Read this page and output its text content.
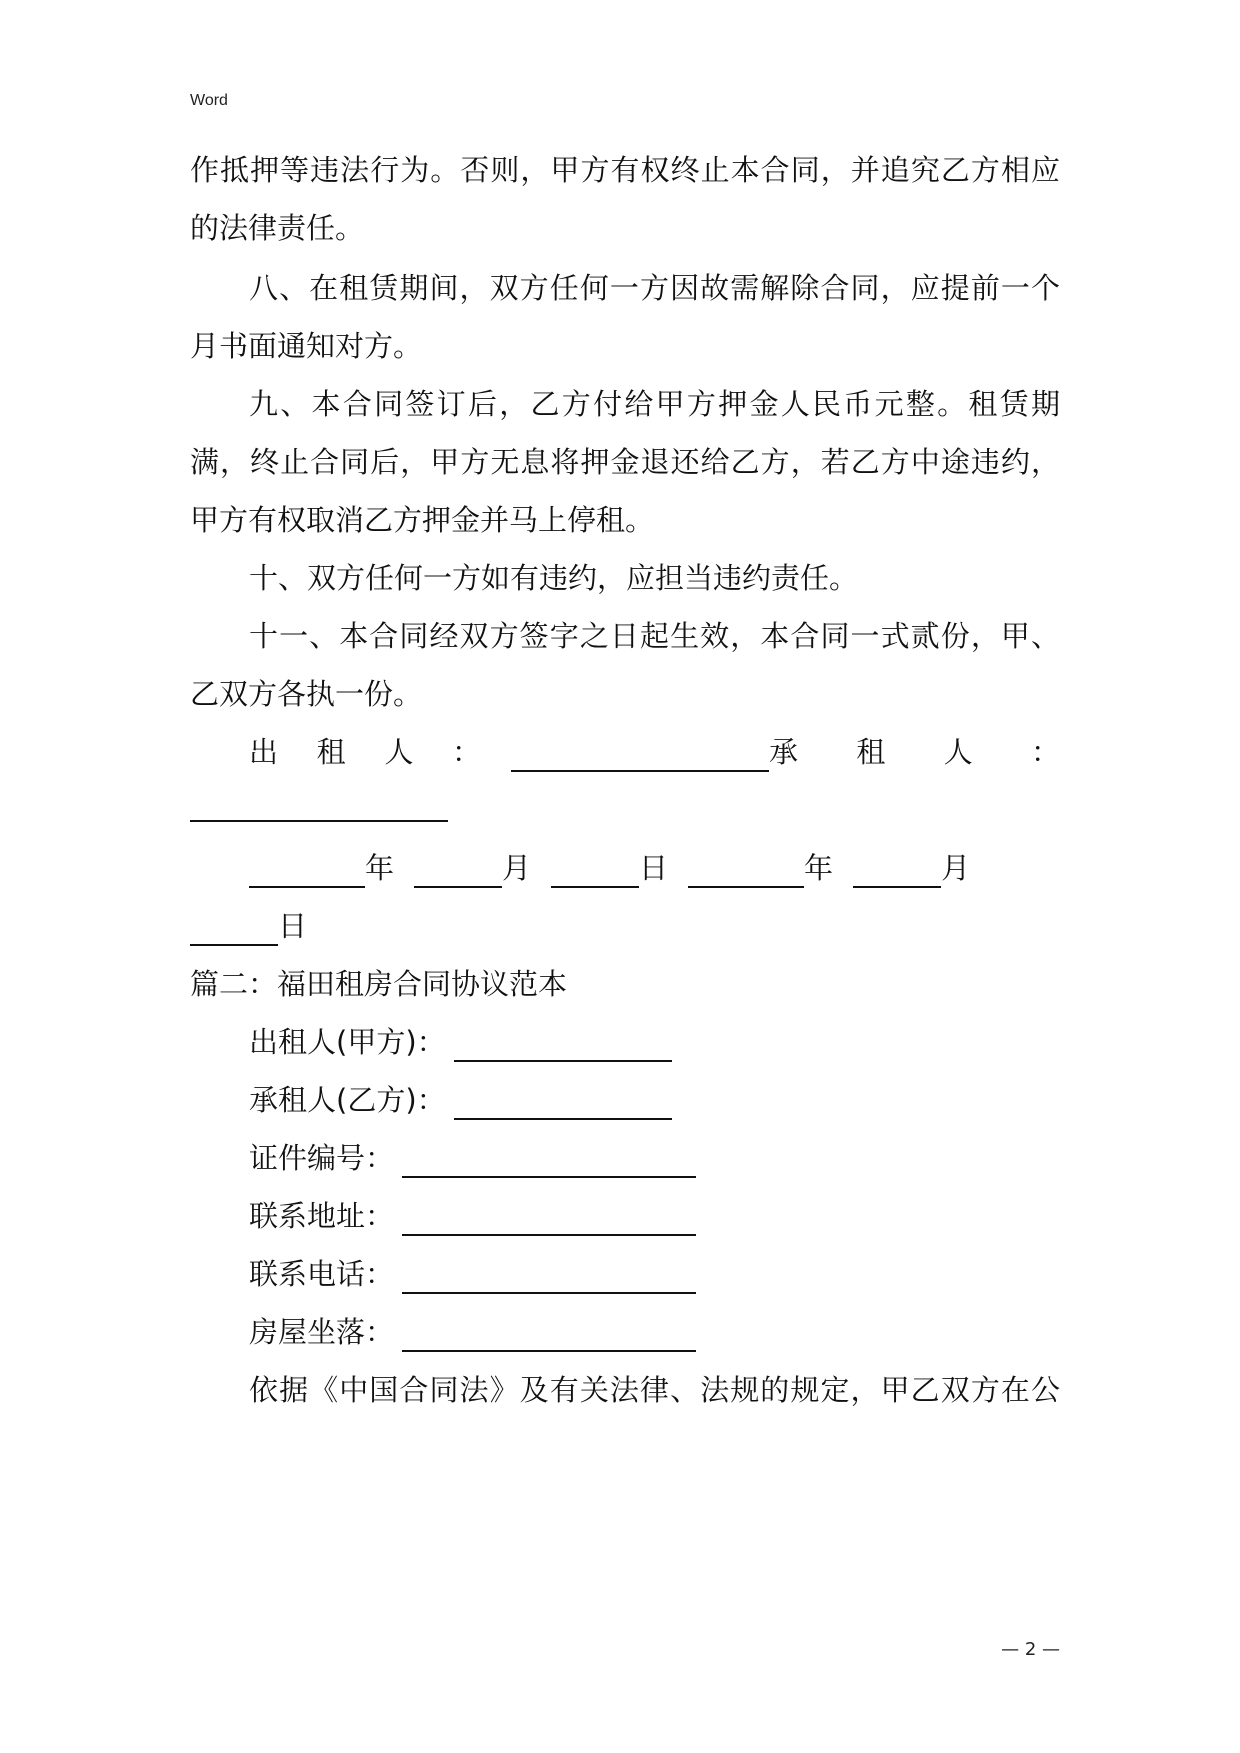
Word
作抵押等违法行为。否则，甲方有权终止本合同，并追究乙方相应
的法律责任。
八、在租赁期间，双方任何一方因故需解除合同，应提前一个
月书面通知对方。
九、本合同签订后，乙方付给甲方押金人民币元整。租赁期
满，终止合同后，甲方无息将押金退还给乙方，若乙方中途违约，
甲方有权取消乙方押金并马上停租。
十、双方任何一方如有违约，应担当违约责任。
十一、本合同经双方签字之日起生效，本合同一式贰份，甲、
乙双方各执一份。
出 租 人 ：	承 租 人 ：
年	月	日	年	月
日
篇二：福田租房合同协议范本
出租人(甲方)：
承租人(乙方)：
证件编号：
联系地址：
联系电话：
房屋坐落：
依据《中国合同法》及有关法律、法规的规定，甲乙双方在公
— 2 —
